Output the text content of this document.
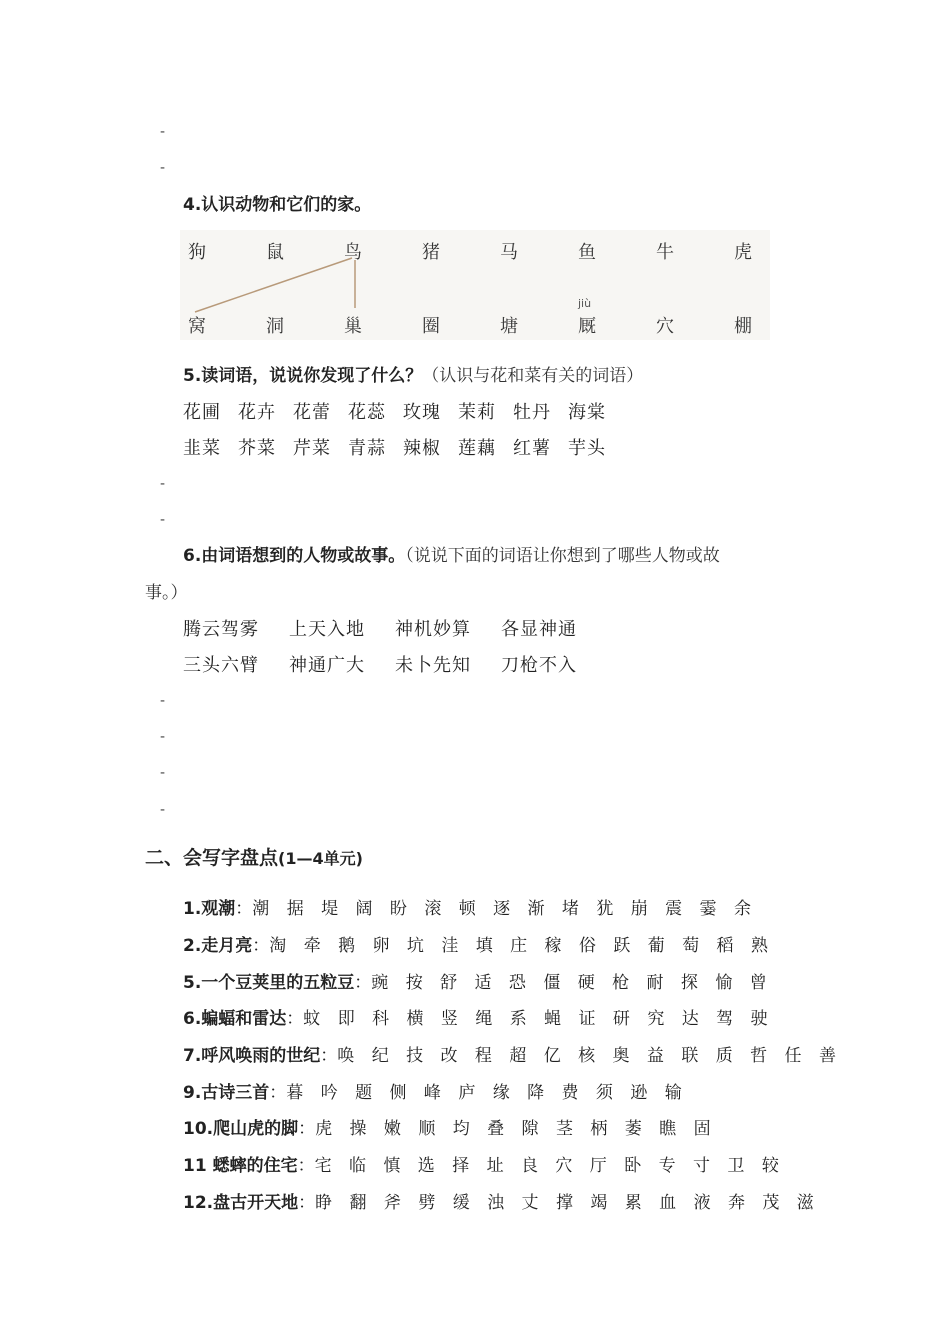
-
-
4.认识动物和它们的家。
狗	鼠	鸟	猪	马	鱼	牛	虎
jiù
窝	洞	巢	圈	塘	厩	穴	棚
5.读词语，说说你发现了什么？（认识与花和菜有关的词语）
花圃 花卉 花蕾 花蕊 玫瑰 茉莉 牡丹 海棠
韭菜 芥菜 芹菜 青蒜 辣椒 莲藕 红薯 芋头
-
-
6.由词语想到的人物或故事。（说说下面的词语让你想到了哪些人物或故
事。）
腾云驾雾 上天入地 神机妙算 各显神通
三头六臂 神通广大 未卜先知 刀枪不入
-
-
-
-
二、会写字盘点(1—4单元)
1.观潮：潮 据 堤 阔 盼 滚 顿 逐 渐 堵 犹 崩 震 霎 余
2.走月亮：淘 牵 鹅 卵 坑 洼 填 庄 稼 俗 跃 葡 萄 稻 熟
5.一个豆荚里的五粒豆：豌 按 舒 适 恐 僵 硬 枪 耐 探 愉 曾
6.蝙蝠和雷达：蚊 即 科 横 竖 绳 系 蝇 证 研 究 达 驾 驶
7.呼风唤雨的世纪：唤 纪 技 改 程 超 亿 核 奥 益 联 质 哲 任 善
9.古诗三首：暮 吟 题 侧 峰 庐 缘 降 费 须 逊 输
10.爬山虎的脚：虎 操 嫩 顺 均 叠 隙 茎 柄 萎 瞧 固
11 蟋蟀的住宅：宅 临 慎 选 择 址 良 穴 厅 卧 专 寸 卫 较
12.盘古开天地：睁 翻 斧 劈 缓 浊 丈 撑 竭 累 血 液 奔 茂 滋
